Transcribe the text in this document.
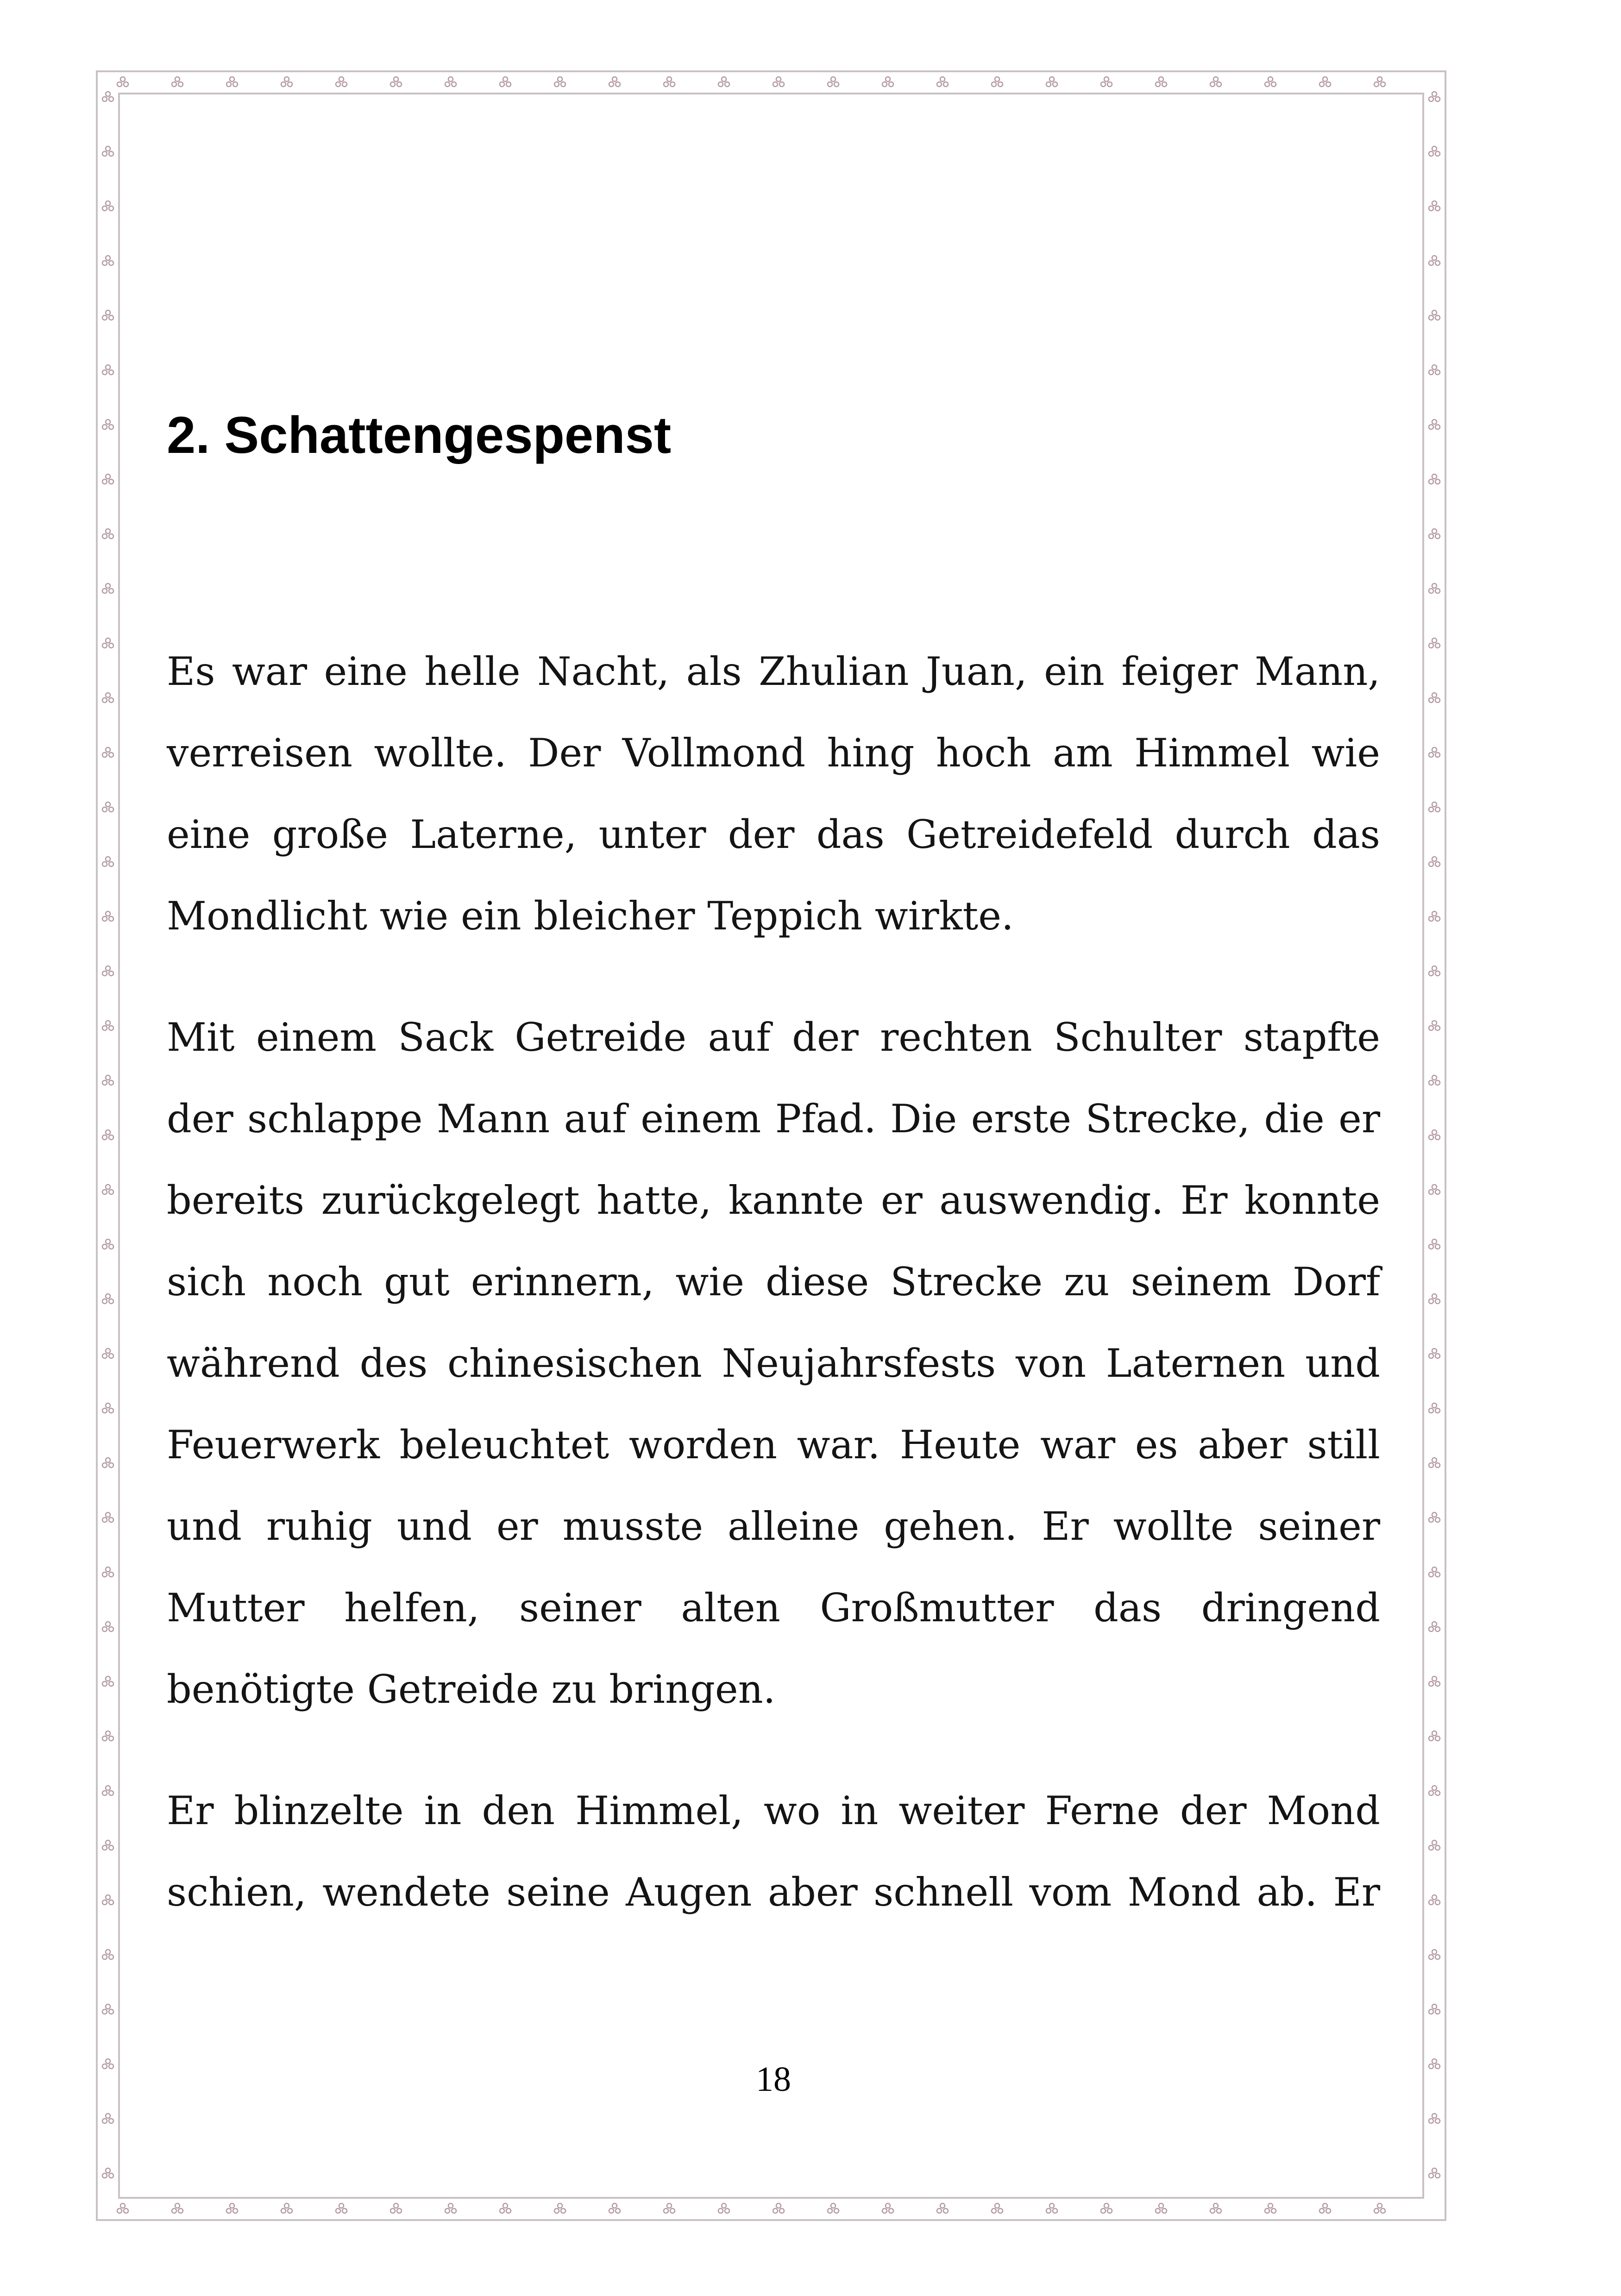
2. Schattengespenst

Es war eine helle Nacht, als Zhulian Juan, ein feiger Mann, verreisen wollte. Der Vollmond hing hoch am Himmel wie eine große Laterne, unter der das Getreidefeld durch das Mondlicht wie ein bleicher Teppich wirkte.

Mit einem Sack Getreide auf der rechten Schulter stapfte der schlappe Mann auf einem Pfad. Die erste Strecke, die er bereits zurückgelegt hatte, kannte er auswendig. Er konnte sich noch gut erinnern, wie diese Strecke zu seinem Dorf während des chinesischen Neujahrsfests von Laternen und Feuerwerk beleuchtet worden war. Heute war es aber still und ruhig und er musste alleine gehen. Er wollte seiner Mutter helfen, seiner alten Großmutter das dringend benötigte Getreide zu bringen.

Er blinzelte in den Himmel, wo in weiter Ferne der Mond schien, wendete seine Augen aber schnell vom Mond ab. Er

18
